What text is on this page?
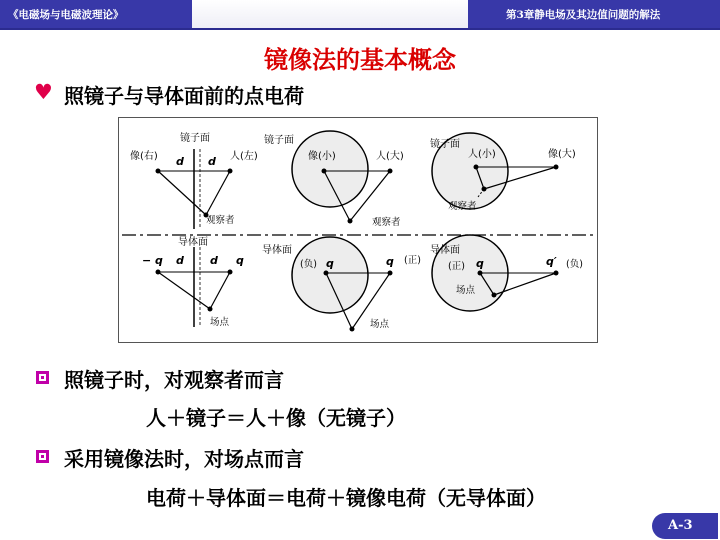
《电磁场与电磁波理论》	第3章静电场及其边值问题的解法
镜像法的基本概念
♥ 照镜子与导体面前的点电荷
镜子面
像(右)	人(左)
d d
观察者
镜子面
像(小)	人(大)
观察者
镜子面
人(小)	像(大)
观察者
导体面
− q	q
d d
场点
导体面
(负) q	q (正)
场点
导体面
(正) q	q′ (负)
场点
照镜子时，对观察者而言
人＋镜子＝人＋像（无镜子）
采用镜像法时，对场点而言
电荷＋导体面＝电荷＋镜像电荷（无导体面）
A-3
